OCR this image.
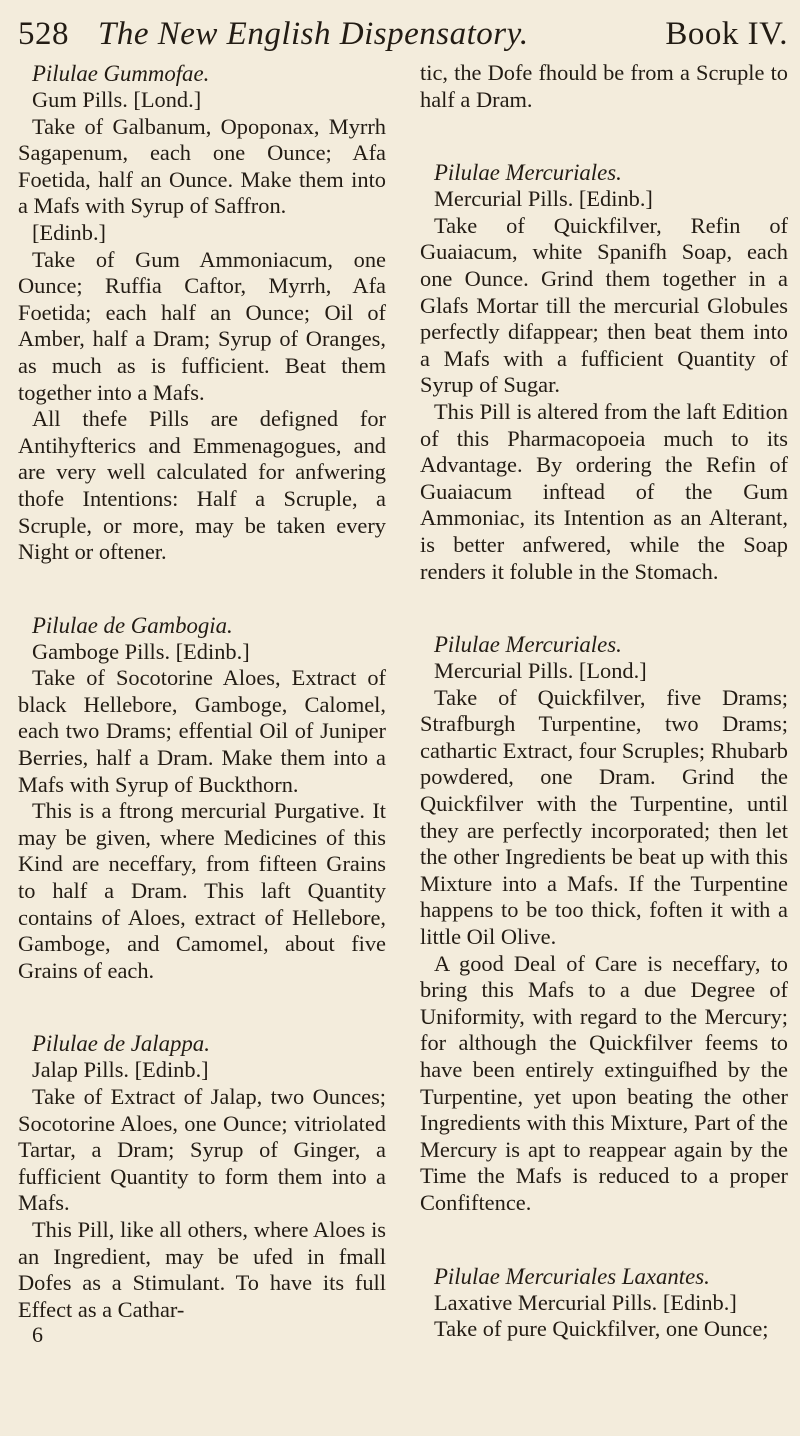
528 The New English Dispensatory.	Book IV.

Pilulae Gummofae.

Gum Pills. [Lond.]

Take of Galbanum, Opoponax, Myrrh Sagapenum, each one Ounce; Afa Foetida, half an Ounce. Make them into a Mafs with Syrup of Saffron.

[Edinb.]

Take of Gum Ammoniacum, one Ounce; Ruffia Caftor, Myrrh, Afa Foetida; each half an Ounce; Oil of Amber, half a Dram; Syrup of Oranges, as much as is fufficient. Beat them together into a Mafs.

All thefe Pills are defigned for Antihyfterics and Emmenagogues, and are very well calculated for anfwering thofe Intentions: Half a Scruple, a Scruple, or more, may be taken every Night or oftener.

Pilulae de Gambogia.

Gamboge Pills. [Edinb.]

Take of Socotorine Aloes, Extract of black Hellebore, Gamboge, Calomel, each two Drams; effential Oil of Juniper Berries, half a Dram. Make them into a Mafs with Syrup of Buckthorn.

This is a ftrong mercurial Purgative. It may be given, where Medicines of this Kind are neceffary, from fifteen Grains to half a Dram. This laft Quantity contains of Aloes, extract of Hellebore, Gamboge, and Camomel, about five Grains of each.

Pilulae de Jalappa.

Jalap Pills. [Edinb.]

Take of Extract of Jalap, two Ounces; Socotorine Aloes, one Ounce; vitriolated Tartar, a Dram; Syrup of Ginger, a fufficient Quantity to form them into a Mafs.

This Pill, like all others, where Aloes is an Ingredient, may be ufed in fmall Dofes as a Stimulant. To have its full Effect as a Cathar-

6

tic, the Dofe fhould be from a Scruple to half a Dram.

Pilulae Mercuriales.

Mercurial Pills. [Edinb.]

Take of Quickfilver, Refin of Guaiacum, white Spanifh Soap, each one Ounce. Grind them together in a Glafs Mortar till the mercurial Globules perfectly difappear; then beat them into a Mafs with a fufficient Quantity of Syrup of Sugar.

This Pill is altered from the laft Edition of this Pharmacopoeia much to its Advantage. By ordering the Refin of Guaiacum inftead of the Gum Ammoniac, its Intention as an Alterant, is better anfwered, while the Soap renders it foluble in the Stomach.

Pilulae Mercuriales.

Mercurial Pills. [Lond.]

Take of Quickfilver, five Drams; Strafburgh Turpentine, two Drams; cathartic Extract, four Scruples; Rhubarb powdered, one Dram. Grind the Quickfilver with the Turpentine, until they are perfectly incorporated; then let the other Ingredients be beat up with this Mixture into a Mafs. If the Turpentine happens to be too thick, foften it with a little Oil Olive.

A good Deal of Care is neceffary, to bring this Mafs to a due Degree of Uniformity, with regard to the Mercury; for although the Quickfilver feems to have been entirely extinguifhed by the Turpentine, yet upon beating the other Ingredients with this Mixture, Part of the Mercury is apt to reappear again by the Time the Mafs is reduced to a proper Confiftence.

Pilulae Mercuriales Laxantes.

Laxative Mercurial Pills. [Edinb.]

Take of pure Quickfilver, one Ounce;
